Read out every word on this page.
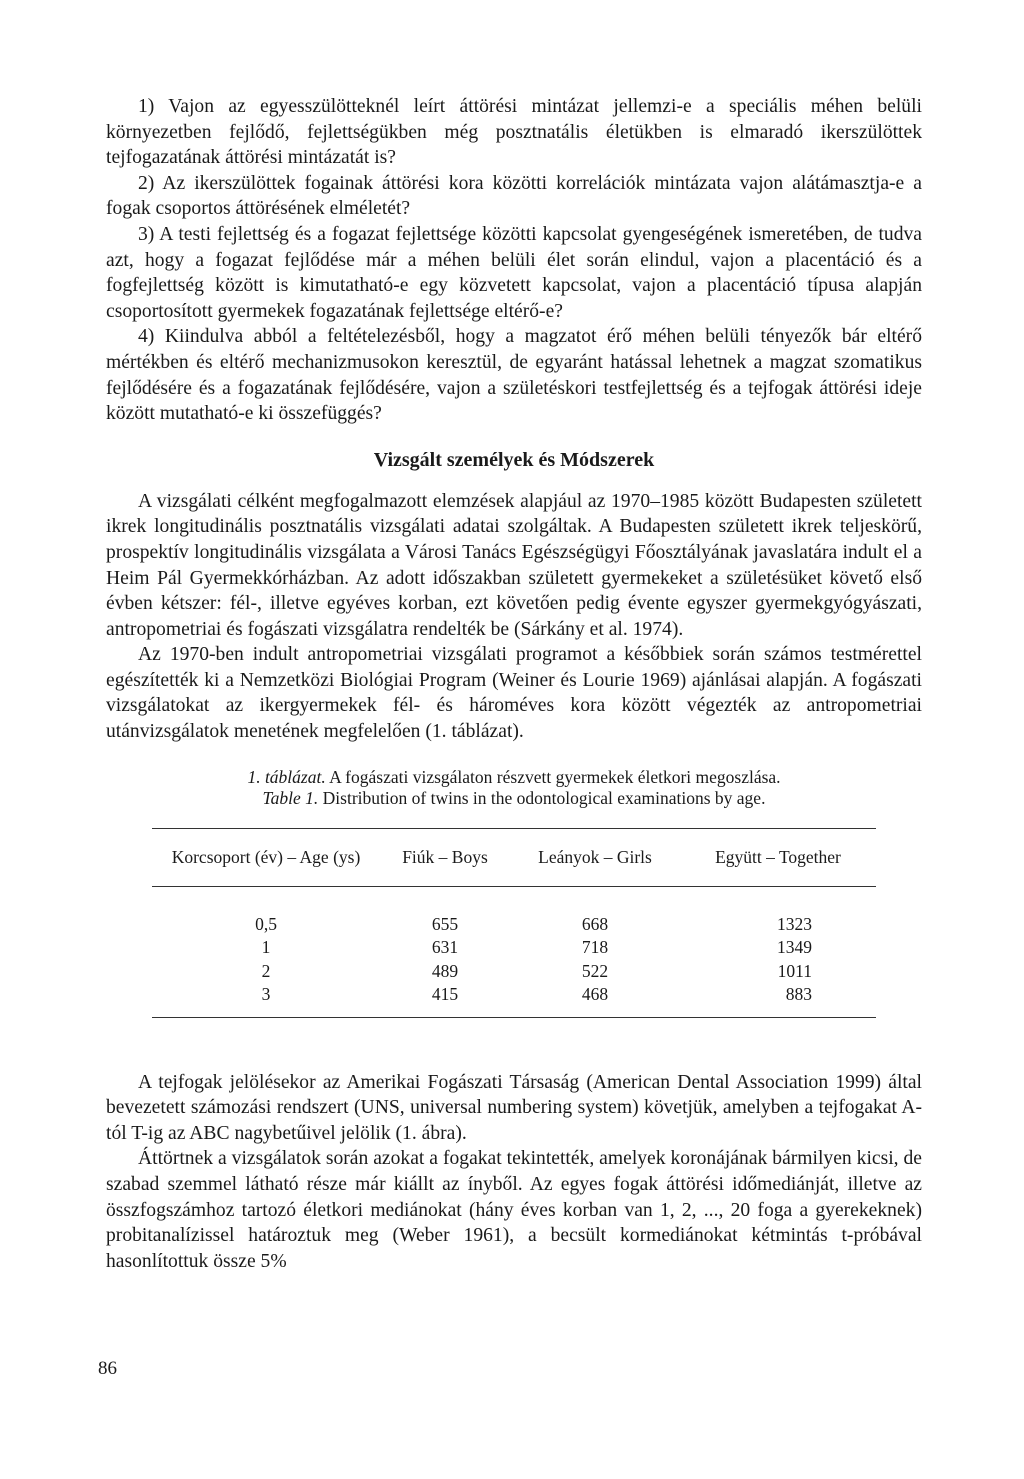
1) Vajon az egyesszülötteknél leírt áttörési mintázat jellemzi-e a speciális méhen belüli környezetben fejlődő, fejlettségükben még posztnatális életükben is elmaradó ikerszülöttek tejfogazatának áttörési mintázatát is?

2) Az ikerszülöttek fogainak áttörési kora közötti korrelációk mintázata vajon alátámasztja-e a fogak csoportos áttörésének elméletét?

3) A testi fejlettség és a fogazat fejlettsége közötti kapcsolat gyengeségének ismeretében, de tudva azt, hogy a fogazat fejlődése már a méhen belüli élet során elindul, vajon a placentáció és a fogfejlettség között is kimutatható-e egy közvetett kapcsolat, vajon a placentáció típusa alapján csoportosított gyermekek fogazatának fejlettsége eltérő-e?

4) Kiindulva abból a feltételezésből, hogy a magzatot érő méhen belüli tényezők bár eltérő mértékben és eltérő mechanizmusokon keresztül, de egyaránt hatással lehetnek a magzat szomatikus fejlődésére és a fogazatának fejlődésére, vajon a születéskori testfejlettség és a tejfogak áttörési ideje között mutatható-e ki összefüggés?

Vizsgált személyek és Módszerek

A vizsgálati célként megfogalmazott elemzések alapjául az 1970–1985 között Budapesten született ikrek longitudinális posztnatális vizsgálati adatai szolgáltak. A Budapesten született ikrek teljeskörű, prospektív longitudinális vizsgálata a Városi Tanács Egészségügyi Főosztályának javaslatára indult el a Heim Pál Gyermekkórházban. Az adott időszakban született gyermekeket a születésüket követő első évben kétszer: fél-, illetve egyéves korban, ezt követően pedig évente egyszer gyermekgyógyászati, antropometriai és fogászati vizsgálatra rendelték be (Sárkány et al. 1974).

Az 1970-ben indult antropometriai vizsgálati programot a későbbiek során számos testmérettel egészítették ki a Nemzetközi Biológiai Program (Weiner és Lourie 1969) ajánlásai alapján. A fogászati vizsgálatokat az ikergyermekek fél- és hároméves kora között végezték az antropometriai utánvizsgálatok menetének megfelelően (1. táblázat).

1. táblázat. A fogászati vizsgálaton részvett gyermekek életkori megoszlása.

Table 1. Distribution of twins in the odontological examinations by age.

Korcsoport (év) – Age (ys)	Fiúk – Boys	Leányok – Girls	Együtt – Together
0,5	655	668	1323
1	631	718	1349
2	489	522	1011
3	415	468	883

A tejfogak jelölésekor az Amerikai Fogászati Társaság (American Dental Association 1999) által bevezetett számozási rendszert (UNS, universal numbering system) követjük, amelyben a tejfogakat A-tól T-ig az ABC nagybetűivel jelölik (1. ábra).

Áttörtnek a vizsgálatok során azokat a fogakat tekintették, amelyek koronájának bármilyen kicsi, de szabad szemmel látható része már kiállt az ínyből. Az egyes fogak áttörési időmediánját, illetve az összfogszámhoz tartozó életkori mediánokat (hány éves korban van 1, 2, ..., 20 foga a gyerekeknek) probitanalízissel határoztuk meg (Weber 1961), a becsült kormediánokat kétmintás t-próbával hasonlítottuk össze 5%

86
